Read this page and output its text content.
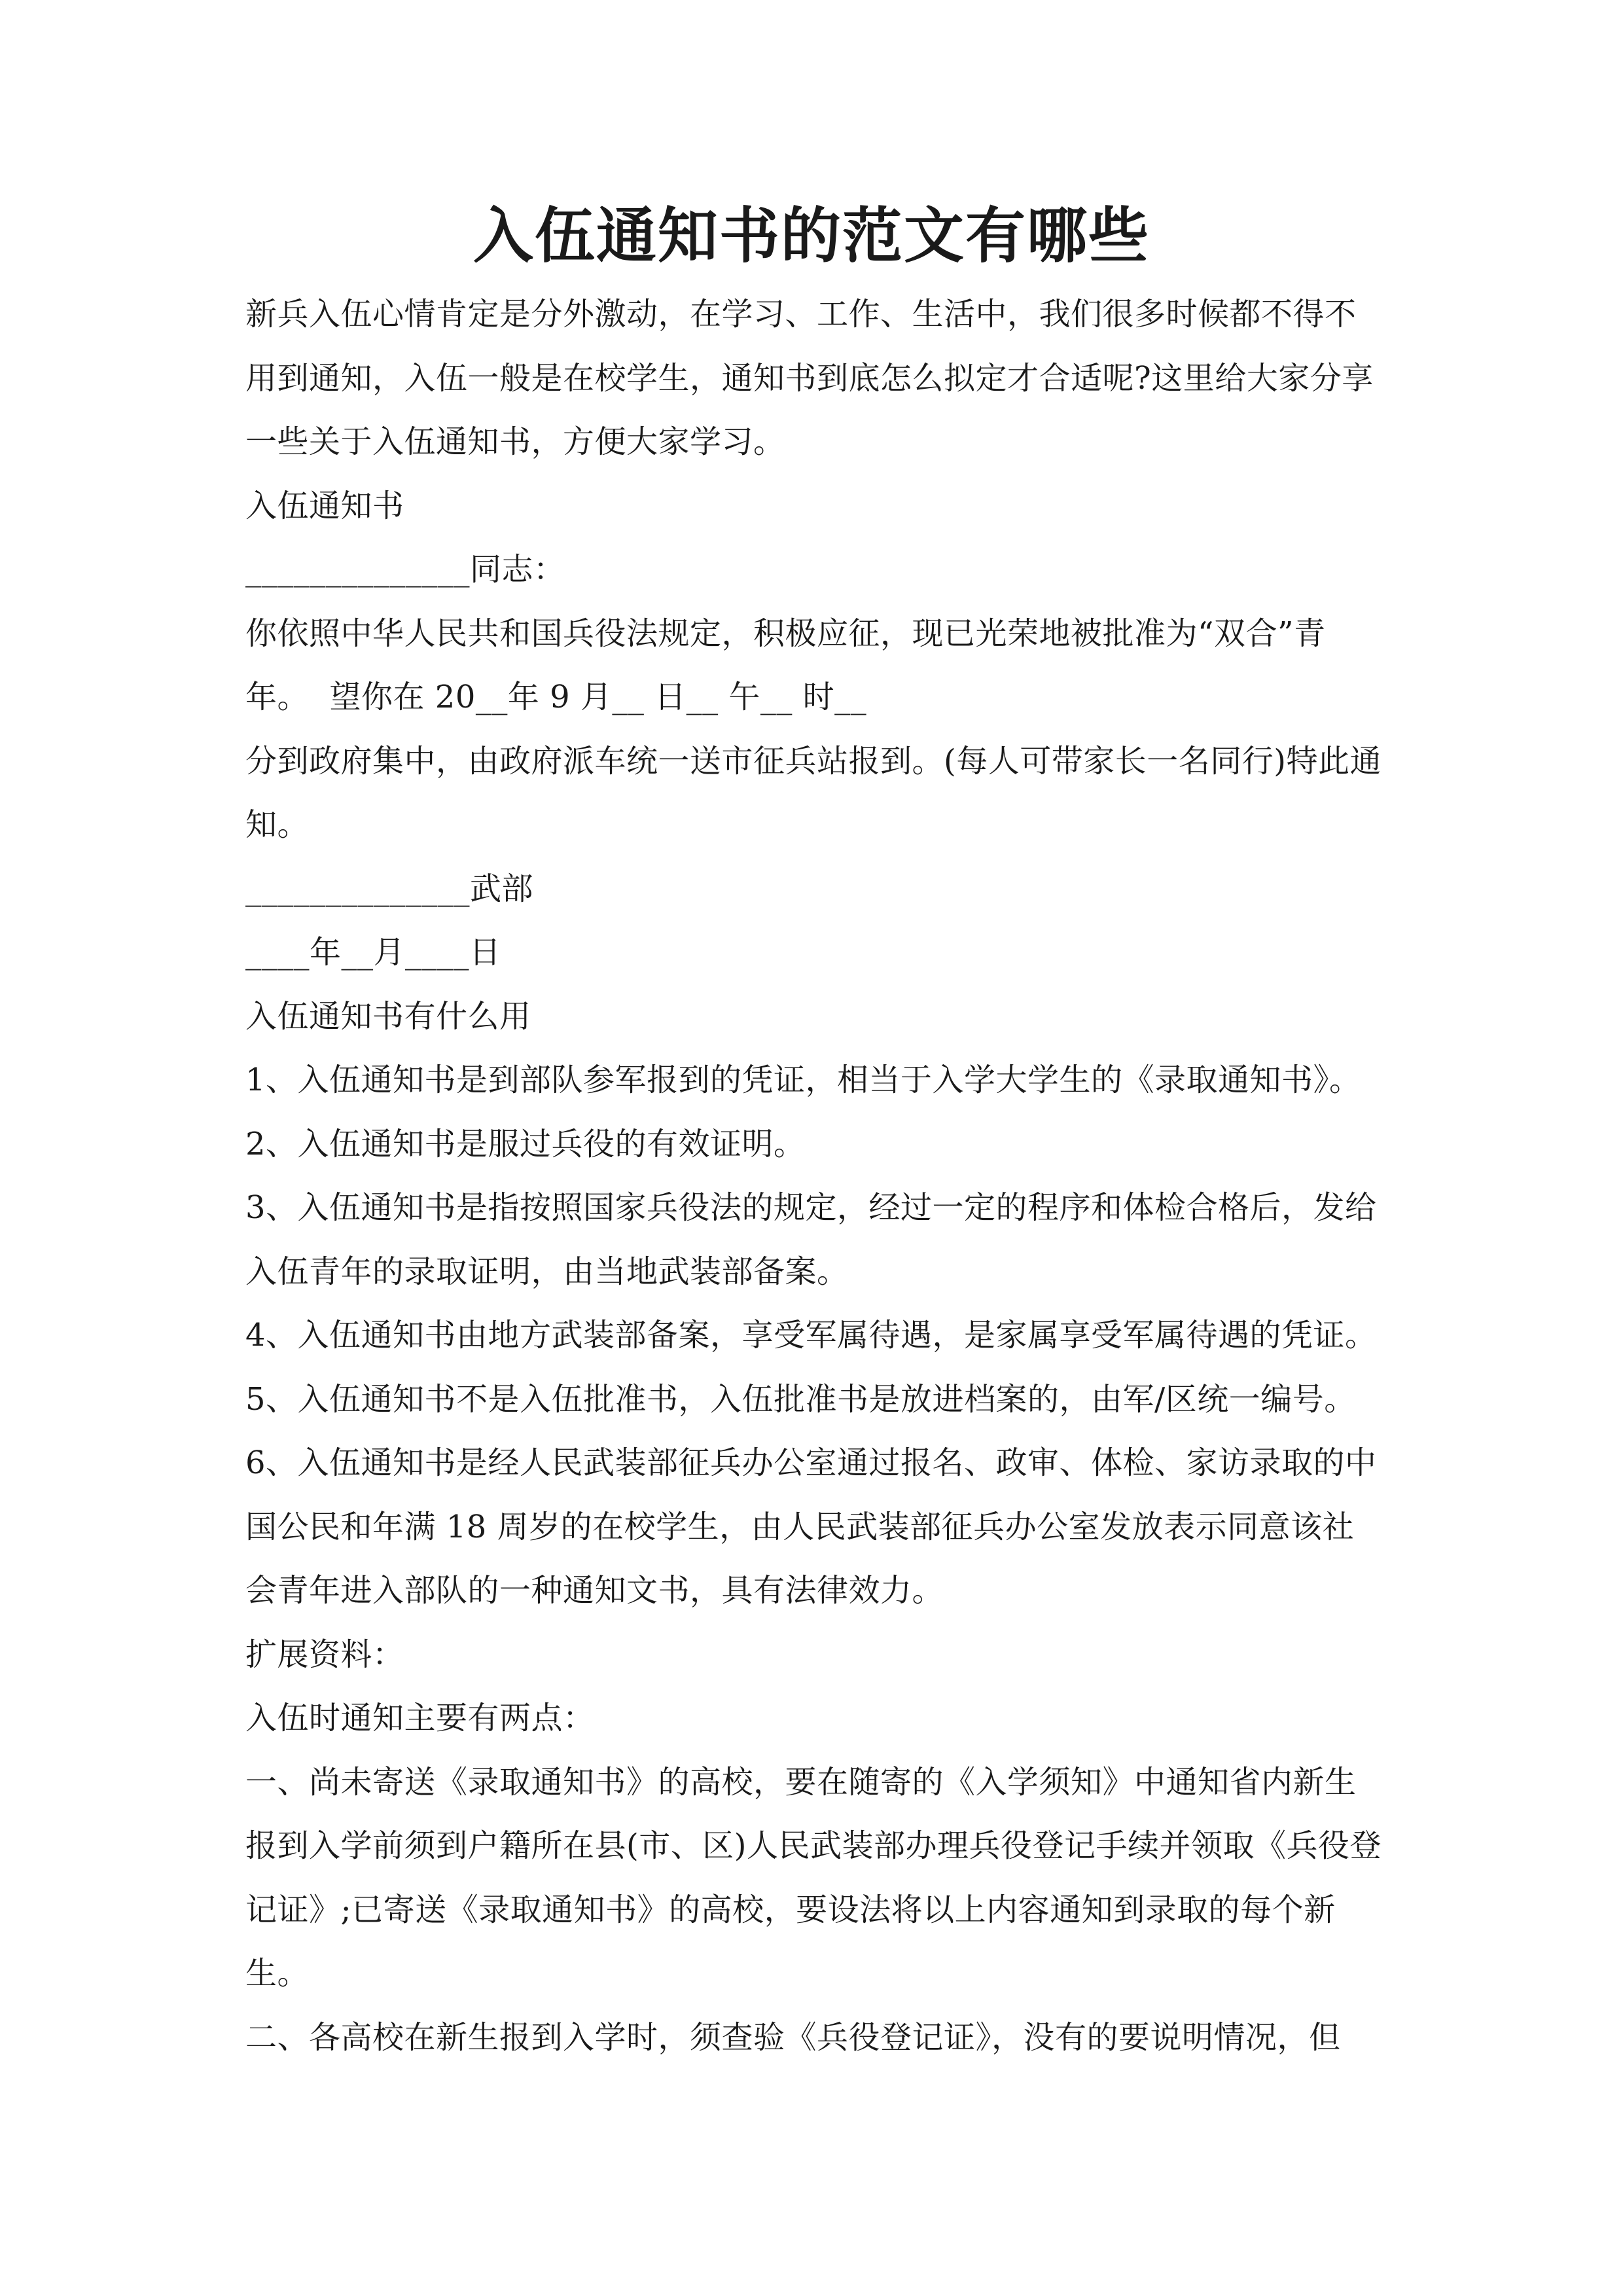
入伍通知书的范文有哪些

新兵入伍心情肯定是分外激动，在学习、工作、生活中，我们很多时候都不得不用到通知，入伍一般是在校学生，通知书到底怎么拟定才合适呢?这里给大家分享一些关于入伍通知书，方便大家学习。

入伍通知书

______________同志：

你依照中华人民共和国兵役法规定，积极应征，现已光荣地被批准为“双合”青年。  望你在 20__年 9 月__ 日__ 午__ 时__

分到政府集中，由政府派车统一送市征兵站报到。(每人可带家长一名同行)特此通知。

______________武部

____年__月____日

入伍通知书有什么用

1、入伍通知书是到部队参军报到的凭证，相当于入学大学生的《录取通知书》。

2、入伍通知书是服过兵役的有效证明。

3、入伍通知书是指按照国家兵役法的规定，经过一定的程序和体检合格后，发给入伍青年的录取证明，由当地武装部备案。

4、入伍通知书由地方武装部备案，享受军属待遇，是家属享受军属待遇的凭证。

5、入伍通知书不是入伍批准书，入伍批准书是放进档案的，由军/区统一编号。

6、入伍通知书是经人民武装部征兵办公室通过报名、政审、体检、家访录取的中国公民和年满 18 周岁的在校学生，由人民武装部征兵办公室发放表示同意该社会青年进入部队的一种通知文书，具有法律效力。

扩展资料：

入伍时通知主要有两点：

一、尚未寄送《录取通知书》的高校，要在随寄的《入学须知》中通知省内新生报到入学前须到户籍所在县(市、区)人民武装部办理兵役登记手续并领取《兵役登记证》;已寄送《录取通知书》的高校，要设法将以上内容通知到录取的每个新生。

二、各高校在新生报到入学时，须查验《兵役登记证》，没有的要说明情况，但
